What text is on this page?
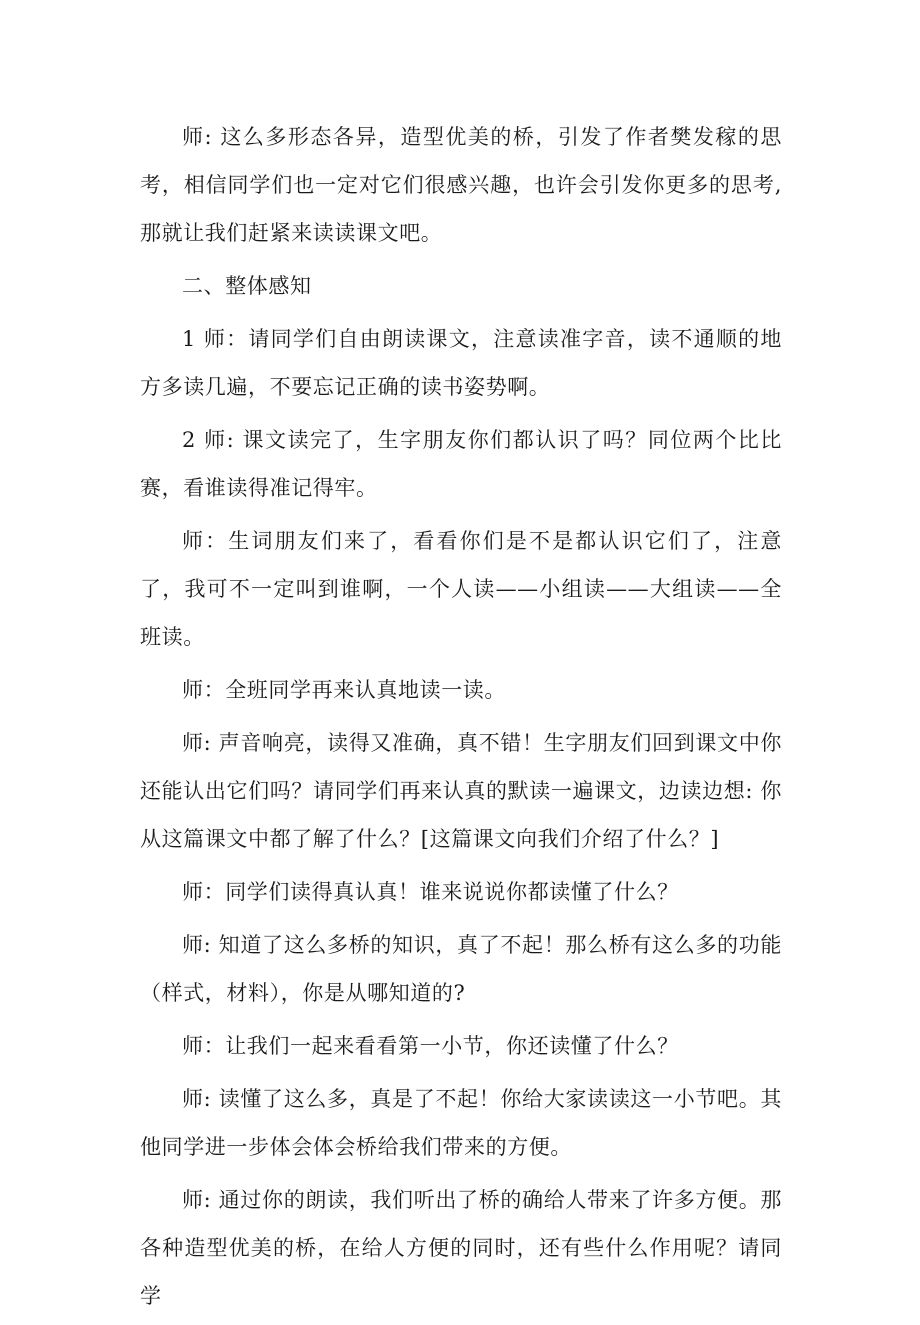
师: 这么多形态各异，造型优美的桥，引发了作者樊发稼的思考，相信同学们也一定对它们很感兴趣，也许会引发你更多的思考,那就让我们赶紧来读读课文吧。

二、整体感知

1 师：请同学们自由朗读课文，注意读准字音，读不通顺的地方多读几遍，不要忘记正确的读书姿势啊。

2 师: 课文读完了，生字朋友你们都认识了吗？同位两个比比赛，看谁读得准记得牢。

师：生词朋友们来了，看看你们是不是都认识它们了，注意了，我可不一定叫到谁啊，一个人读——小组读——大组读——全班读。

师：全班同学再来认真地读一读。

师: 声音响亮，读得又准确，真不错！生字朋友们回到课文中你还能认出它们吗？请同学们再来认真的默读一遍课文，边读边想: 你从这篇课文中都了解了什么？[这篇课文向我们介绍了什么？]

师：同学们读得真认真！谁来说说你都读懂了什么？

师: 知道了这么多桥的知识，真了不起！那么桥有这么多的功能（样式，材料），你是从哪知道的?

师：让我们一起来看看第一小节，你还读懂了什么？

师: 读懂了这么多，真是了不起！你给大家读读这一小节吧。其他同学进一步体会体会桥给我们带来的方便。

师: 通过你的朗读，我们听出了桥的确给人带来了许多方便。那各种造型优美的桥，在给人方便的同时，还有些什么作用呢？请同学
